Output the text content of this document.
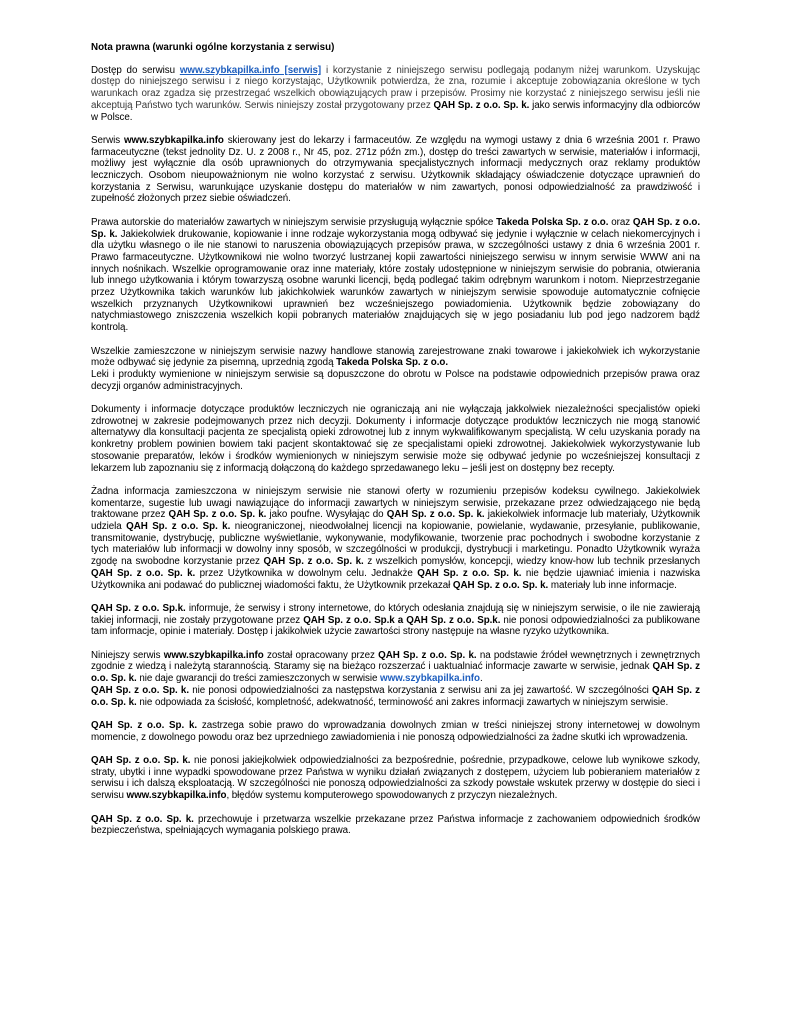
Nota prawna (warunki ogólne korzystania z serwisu)

Dostęp do serwisu www.szybkapilka.info [serwis] i korzystanie z niniejszego serwisu podlegają podanym niżej warunkom. Uzyskując dostęp do niniejszego serwisu i z niego korzystając, Użytkownik potwierdza, że zna, rozumie i akceptuje zobowiązania określone w tych warunkach oraz zgadza się przestrzegać wszelkich obowiązujących praw i przepisów. Prosimy nie korzystać z niniejszego serwisu jeśli nie akceptują Państwo tych warunków. Serwis niniejszy został przygotowany przez QAH Sp. z o.o. Sp. k. jako serwis informacyjny dla odbiorców w Polsce.

Serwis www.szybkapilka.info skierowany jest do lekarzy i farmaceutów. Ze względu na wymogi ustawy z dnia 6 września 2001 r. Prawo farmaceutyczne (tekst jednolity Dz. U. z 2008 r., Nr 45, poz. 271z późn zm.), dostęp do treści zawartych w serwisie, materiałów i informacji, możliwy jest wyłącznie dla osób uprawnionych do otrzymywania specjalistycznych informacji medycznych oraz reklamy produktów leczniczych. Osobom nieupoważnionym nie wolno korzystać z serwisu. Użytkownik składający oświadczenie dotyczące uprawnień do korzystania z Serwisu, warunkujące uzyskanie dostępu do materiałów w nim zawartych, ponosi odpowiedzialność za prawdziwość i zupełność złożonych przez siebie oświadczeń.

Prawa autorskie do materiałów zawartych w niniejszym serwisie przysługują wyłącznie spółce Takeda Polska Sp. z o.o. oraz QAH Sp. z o.o. Sp. k. Jakiekolwiek drukowanie, kopiowanie i inne rodzaje wykorzystania mogą odbywać się jedynie i wyłącznie w celach niekomercyjnych i dla użytku własnego o ile nie stanowi to naruszenia obowiązujących przepisów prawa, w szczególności ustawy z dnia 6 września 2001 r. Prawo farmaceutyczne. Użytkownikowi nie wolno tworzyć lustrzanej kopii zawartości niniejszego serwisu w innym serwisie WWW ani na innych nośnikach. Wszelkie oprogramowanie oraz inne materiały, które zostały udostępnione w niniejszym serwisie do pobrania, otwierania lub innego użytkowania i którym towarzyszą osobne warunki licencji, będą podlegać takim odrębnym warunkom i notom. Nieprzestrzeganie przez Użytkownika takich warunków lub jakichkolwiek warunków zawartych w niniejszym serwisie spowoduje automatycznie cofnięcie wszelkich przyznanych Użytkownikowi uprawnień bez wcześniejszego powiadomienia. Użytkownik będzie zobowiązany do natychmiastowego zniszczenia wszelkich kopii pobranych materiałów znajdujących się w jego posiadaniu lub pod jego nadzorem bądź kontrolą.

Wszelkie zamieszczone w niniejszym serwisie nazwy handlowe stanowią zarejestrowane znaki towarowe i jakiekolwiek ich wykorzystanie może odbywać się jedynie za pisemną, uprzednią zgodą Takeda Polska Sp. z o.o.
Leki i produkty wymienione w niniejszym serwisie są dopuszczone do obrotu w Polsce na podstawie odpowiednich przepisów prawa oraz decyzji organów administracyjnych.

Dokumenty i informacje dotyczące produktów leczniczych nie ograniczają ani nie wyłączają jakkolwiek niezależności specjalistów opieki zdrowotnej w zakresie podejmowanych przez nich decyzji. Dokumenty i informacje dotyczące produktów leczniczych nie mogą stanowić alternatywy dla konsultacji pacjenta ze specjalistą opieki zdrowotnej lub z innym wykwalifikowanym specjalistą. W celu uzyskania porady na konkretny problem powinien bowiem taki pacjent skontaktować się ze specjalistami opieki zdrowotnej. Jakiekolwiek wykorzystywanie lub stosowanie preparatów, leków i środków wymienionych w niniejszym serwisie może się odbywać jedynie po wcześniejszej konsultacji z lekarzem lub zapoznaniu się z informacją dołączoną do każdego sprzedawanego leku – jeśli jest on dostępny bez recepty.

Żadna informacja zamieszczona w niniejszym serwisie nie stanowi oferty w rozumieniu przepisów kodeksu cywilnego. Jakiekolwiek komentarze, sugestie lub uwagi nawiązujące do informacji zawartych w niniejszym serwisie, przekazane przez odwiedzającego nie będą traktowane przez QAH Sp. z o.o. Sp. k. jako poufne. Wysyłając do QAH Sp. z o.o. Sp. k. jakiekolwiek informacje lub materiały, Użytkownik udziela QAH Sp. z o.o. Sp. k. nieograniczonej, nieodwołalnej licencji na kopiowanie, powielanie, wydawanie, przesyłanie, publikowanie, transmitowanie, dystrybucję, publiczne wyświetlanie, wykonywanie, modyfikowanie, tworzenie prac pochodnych i swobodne korzystanie z tych materiałów lub informacji w dowolny inny sposób, w szczególności w produkcji, dystrybucji i marketingu. Ponadto Użytkownik wyraża zgodę na swobodne korzystanie przez QAH Sp. z o.o. Sp. k. z wszelkich pomysłów, koncepcji, wiedzy know-how lub technik przesłanych QAH Sp. z o.o. Sp. k. przez Użytkownika w dowolnym celu. Jednakże QAH Sp. z o.o. Sp. k. nie będzie ujawniać imienia i nazwiska Użytkownika ani podawać do publicznej wiadomości faktu, że Użytkownik przekazał QAH Sp. z o.o. Sp. k. materiały lub inne informacje.

QAH Sp. z o.o. Sp.k. informuje, że serwisy i strony internetowe, do których odesłania znajdują się w niniejszym serwisie, o ile nie zawierają takiej informacji, nie zostały przygotowane przez QAH Sp. z o.o. Sp.k a QAH Sp. z o.o. Sp.k. nie ponosi odpowiedzialności za publikowane tam informacje, opinie i materiały. Dostęp i jakikolwiek użycie zawartości strony następuje na własne ryzyko użytkownika.

Niniejszy serwis www.szybkapilka.info został opracowany przez QAH Sp. z o.o. Sp. k. na podstawie źródeł wewnętrznych i zewnętrznych zgodnie z wiedzą i należytą starannością. Staramy się na bieżąco rozszerzać i uaktualniać informacje zawarte w serwisie, jednak QAH Sp. z o.o. Sp. k. nie daje gwarancji do treści zamieszczonych w serwisie www.szybkapilka.info.
QAH Sp. z o.o. Sp. k. nie ponosi odpowiedzialności za następstwa korzystania z serwisu ani za jej zawartość. W szczególności QAH Sp. z o.o. Sp. k. nie odpowiada za ścisłość, kompletność, adekwatność, terminowość ani zakres informacji zawartych w niniejszym serwisie.

QAH Sp. z o.o. Sp. k. zastrzega sobie prawo do wprowadzania dowolnych zmian w treści niniejszej strony internetowej w dowolnym momencie, z dowolnego powodu oraz bez uprzedniego zawiadomienia i nie ponoszą odpowiedzialności za żadne skutki ich wprowadzenia.

QAH Sp. z o.o. Sp. k. nie ponosi jakiejkolwiek odpowiedzialności za bezpośrednie, pośrednie, przypadkowe, celowe lub wynikowe szkody, straty, ubytki i inne wypadki spowodowane przez Państwa w wyniku działań związanych z dostępem, użyciem lub pobieraniem materiałów z serwisu i ich dalszą eksploatacją. W szczególności nie ponoszą odpowiedzialności za szkody powstałe wskutek przerwy w dostępie do sieci i serwisu www.szybkapilka.info, błędów systemu komputerowego spowodowanych z przyczyn niezależnych.

QAH Sp. z o.o. Sp. k. przechowuje i przetwarza wszelkie przekazane przez Państwa informacje z zachowaniem odpowiednich środków bezpieczeństwa, spełniających wymagania polskiego prawa.
